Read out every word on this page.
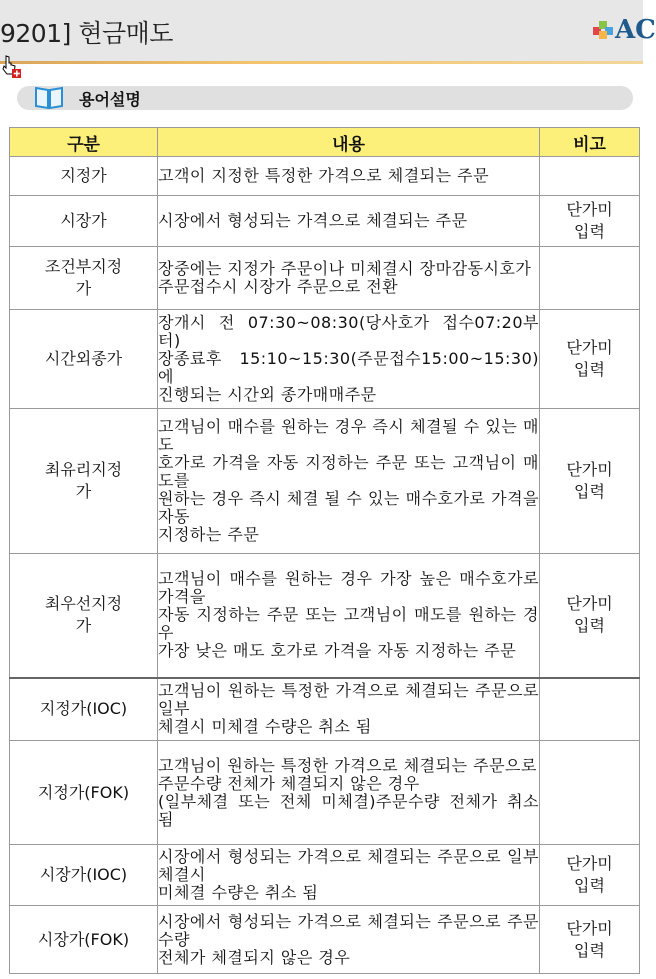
9201] 현금매도	AC
용어설명
구분	내용	비고
지정가	고객이 지정한 특정한 가격으로 체결되는 주문	

시장가	시장에서 형성되는 가격으로 체결되는 주문	단가미
입력
조건부지정
가	장중에는 지정가 주문이나 미체결시 장마감동시호가
주문접수시 시장가 주문으로 전환	

시간외종가	장개시 전 07:30~08:30(당사호가 접수07:20부터)
장종료후 15:10~15:30(주문접수15:00~15:30)에
진행되는 시간외 종가매매주문	단가미
입력
최유리지정
가	고객님이 매수를 원하는 경우 즉시 체결될 수 있는 매도
호가로 가격을 자동 지정하는 주문 또는 고객님이 매도를
원하는 경우 즉시 체결 될 수 있는 매수호가로 가격을 자동
지정하는 주문	단가미
입력
최우선지정
가	고객님이 매수를 원하는 경우 가장 높은 매수호가로 가격을
자동 지정하는 주문 또는 고객님이 매도를 원하는 경우
가장 낮은 매도 호가로 가격을 자동 지정하는 주문	단가미
입력
지정가(IOC)	고객님이 원하는 특정한 가격으로 체결되는 주문으로 일부
체결시 미체결 수량은 취소 됨	

지정가(FOK)	고객님이 원하는 특정한 가격으로 체결되는 주문으로
주문수량 전체가 체결되지 않은 경우
(일부체결 또는 전체 미체결)주문수량 전체가 취소 됨	

시장가(IOC)	시장에서 형성되는 가격으로 체결되는 주문으로 일부 체결시
미체결 수량은 취소 됨	단가미
입력
시장가(FOK)	시장에서 형성되는 가격으로 체결되는 주문으로 주문수량
전체가 체결되지 않은 경우	단가미
입력
